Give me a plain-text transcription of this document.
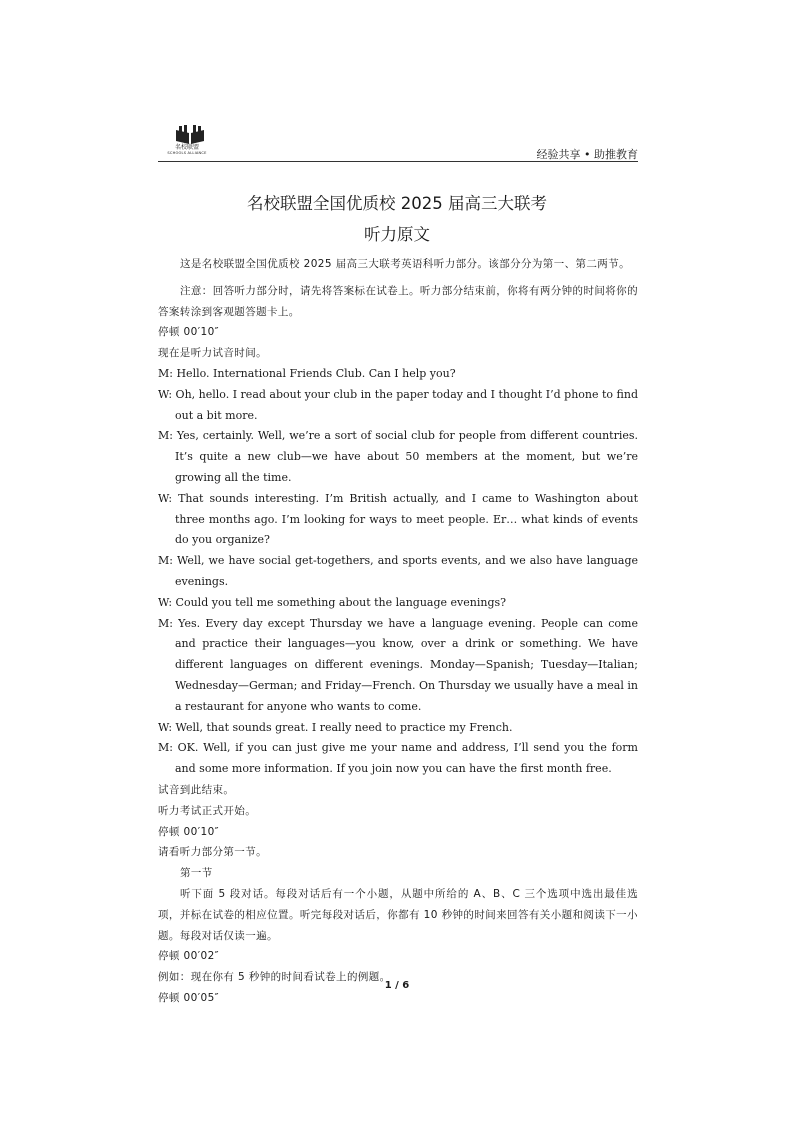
名校联盟
SCHOOLS ALLIANCE	经验共享 • 助推教育
名校联盟全国优质校 2025 届高三大联考
听力原文

这是名校联盟全国优质校 2025 届高三大联考英语科听力部分。该部分分为第一、第二两节。

注意：回答听力部分时，请先将答案标在试卷上。听力部分结束前，你将有两分钟的时间将你的答案转涂到客观题答题卡上。

停顿 00′10″

现在是听力试音时间。

M: Hello. International Friends Club. Can I help you?

W: Oh, hello. I read about your club in the paper today and I thought I’d phone to find out a bit more.

M: Yes, certainly. Well, we’re a sort of social club for people from different countries. It’s quite a new club—we have about 50 members at the moment, but we’re growing all the time.

W: That sounds interesting. I’m British actually, and I came to Washington about three months ago. I’m looking for ways to meet people. Er… what kinds of events do you organize?

M: Well, we have social get-togethers, and sports events, and we also have language evenings.

W: Could you tell me something about the language evenings?

M: Yes. Every day except Thursday we have a language evening. People can come and practice their languages—you know, over a drink or something. We have different languages on different evenings. Monday—Spanish; Tuesday—Italian; Wednesday—German; and Friday—French. On Thursday we usually have a meal in a restaurant for anyone who wants to come.

W: Well, that sounds great. I really need to practice my French.

M: OK. Well, if you can just give me your name and address, I’ll send you the form and some more information. If you join now you can have the first month free.

试音到此结束。

听力考试正式开始。

停顿 00′10″

请看听力部分第一节。

第一节

听下面 5 段对话。每段对话后有一个小题，从题中所给的 A、B、C 三个选项中选出最佳选项，并标在试卷的相应位置。听完每段对话后，你都有 10 秒钟的时间来回答有关小题和阅读下一小题。每段对话仅读一遍。

停顿 00′02″

例如：现在你有 5 秒钟的时间看试卷上的例题。

停顿 00′05″

1 / 6
